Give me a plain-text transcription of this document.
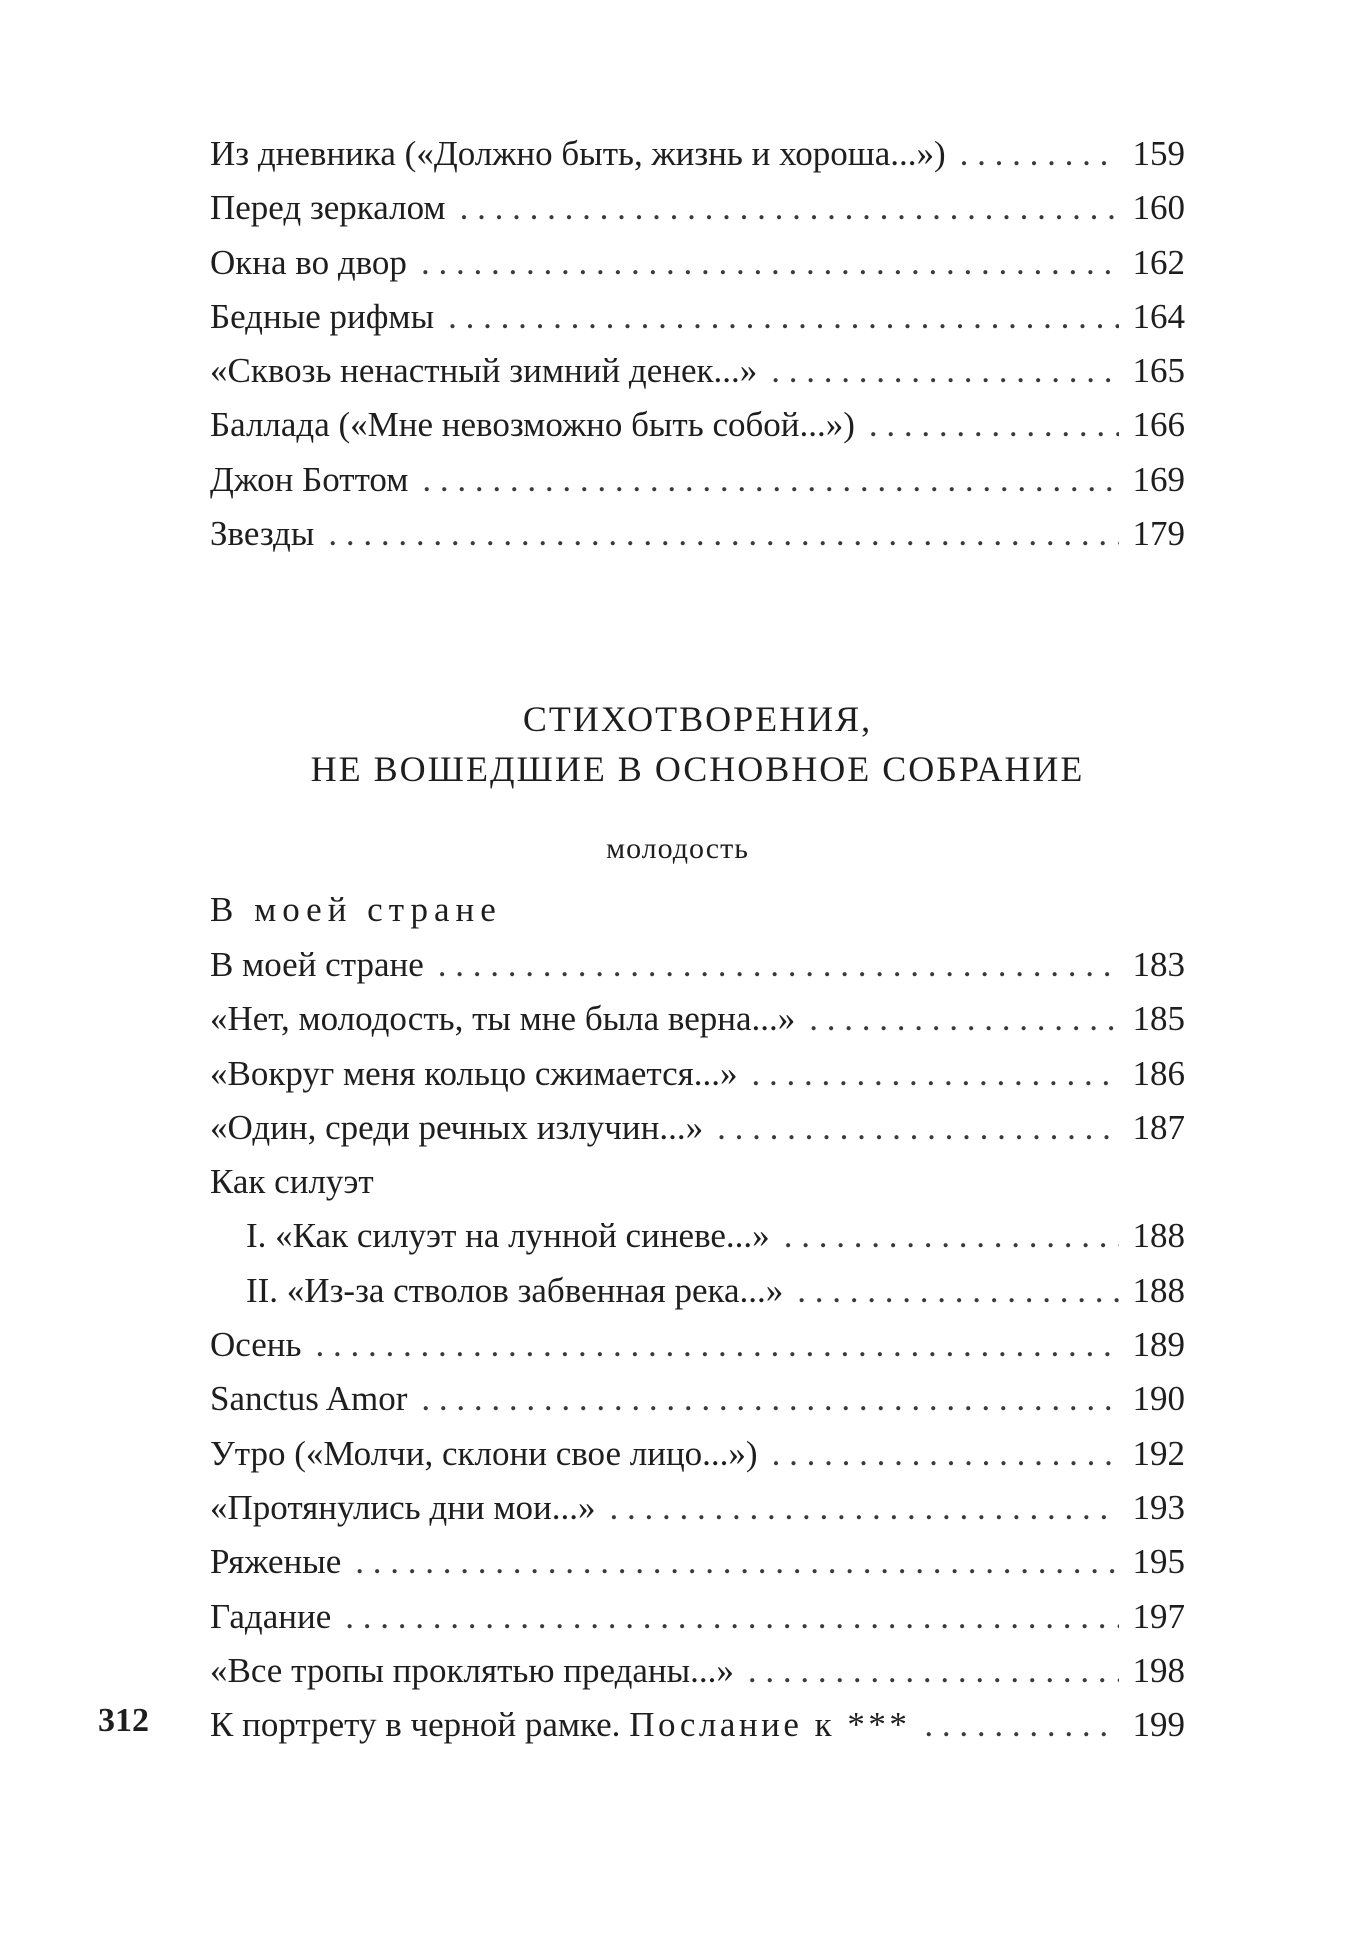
Из дневника («Должно быть, жизнь и хороша...») . . .	159
Перед зеркалом . . .	160
Окна во двор . . .	162
Бедные рифмы . . .	164
«Сквозь ненастный зимний денек...» . . .	165
Баллада («Мне невозможно быть собой...») . . .	166
Джон Боттом . . .	169
Звезды . . .	179
СТИХОТВОРЕНИЯ,
НЕ ВОШЕДШИЕ В ОСНОВНОЕ СОБРАНИЕ
молодость
В моей стране
В моей стране . . .	183
«Нет, молодость, ты мне была верна...» . . .	185
«Вокруг меня кольцо сжимается...» . . .	186
«Один, среди речных излучин...» . . .	187
Как силуэт
I. «Как силуэт на лунной синеве...» . . .	188
II. «Из-за стволов забвенная река...» . . .	188
Осень . . .	189
Sanctus Amor . . .	190
Утро («Молчи, склони свое лицо...») . . .	192
«Протянулись дни мои...» . . .	193
Ряженые . . .	195
Гадание . . .	197
«Все тропы проклятью преданы...» . . .	198
К портрету в черной рамке. Послание к *** . . .	199
312
